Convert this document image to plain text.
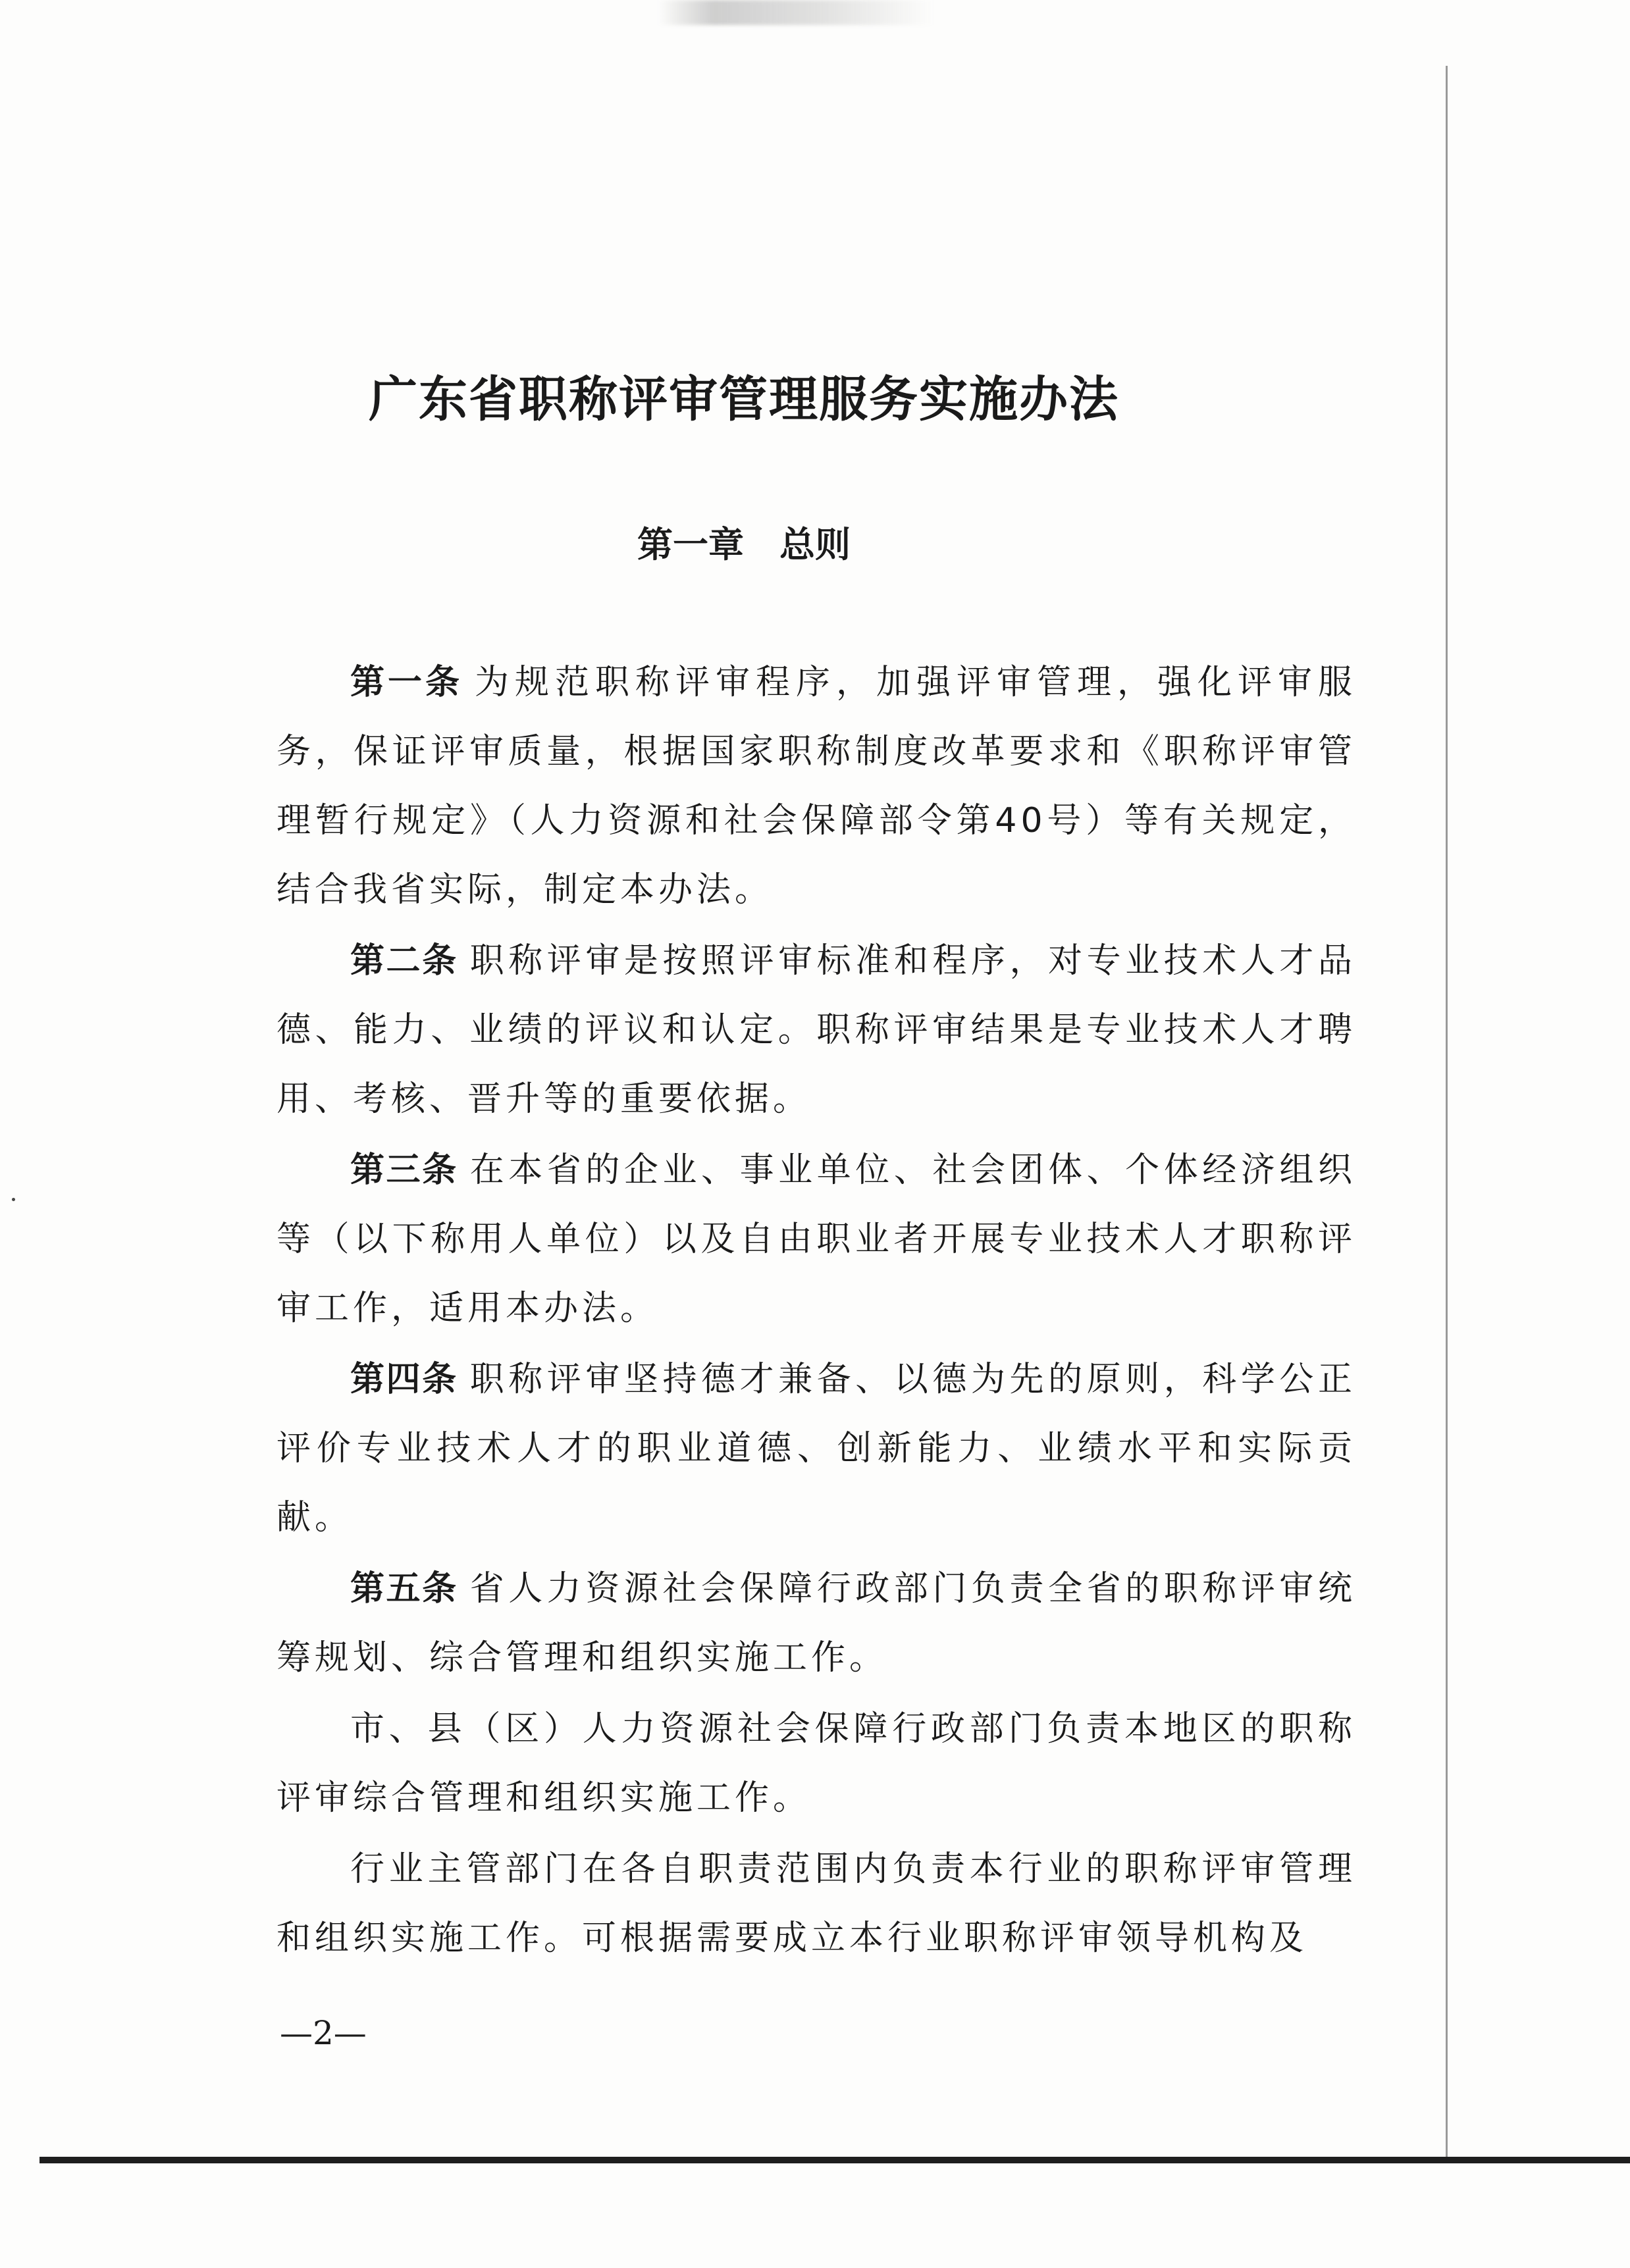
广东省职称评审管理服务实施办法
第一章　总则

第一条 为规范职称评审程序，加强评审管理，强化评审服务，保证评审质量，根据国家职称制度改革要求和《职称评审管理暂行规定》（人力资源和社会保障部令第40号）等有关规定，结合我省实际，制定本办法。

第二条 职称评审是按照评审标准和程序，对专业技术人才品德、能力、业绩的评议和认定。职称评审结果是专业技术人才聘用、考核、晋升等的重要依据。

第三条 在本省的企业、事业单位、社会团体、个体经济组织等（以下称用人单位）以及自由职业者开展专业技术人才职称评审工作，适用本办法。

第四条 职称评审坚持德才兼备、以德为先的原则，科学公正评价专业技术人才的职业道德、创新能力、业绩水平和实际贡献。

第五条 省人力资源社会保障行政部门负责全省的职称评审统筹规划、综合管理和组织实施工作。

市、县（区）人力资源社会保障行政部门负责本地区的职称评审综合管理和组织实施工作。

行业主管部门在各自职责范围内负责本行业的职称评审管理和组织实施工作。可根据需要成立本行业职称评审领导机构及

—2—
